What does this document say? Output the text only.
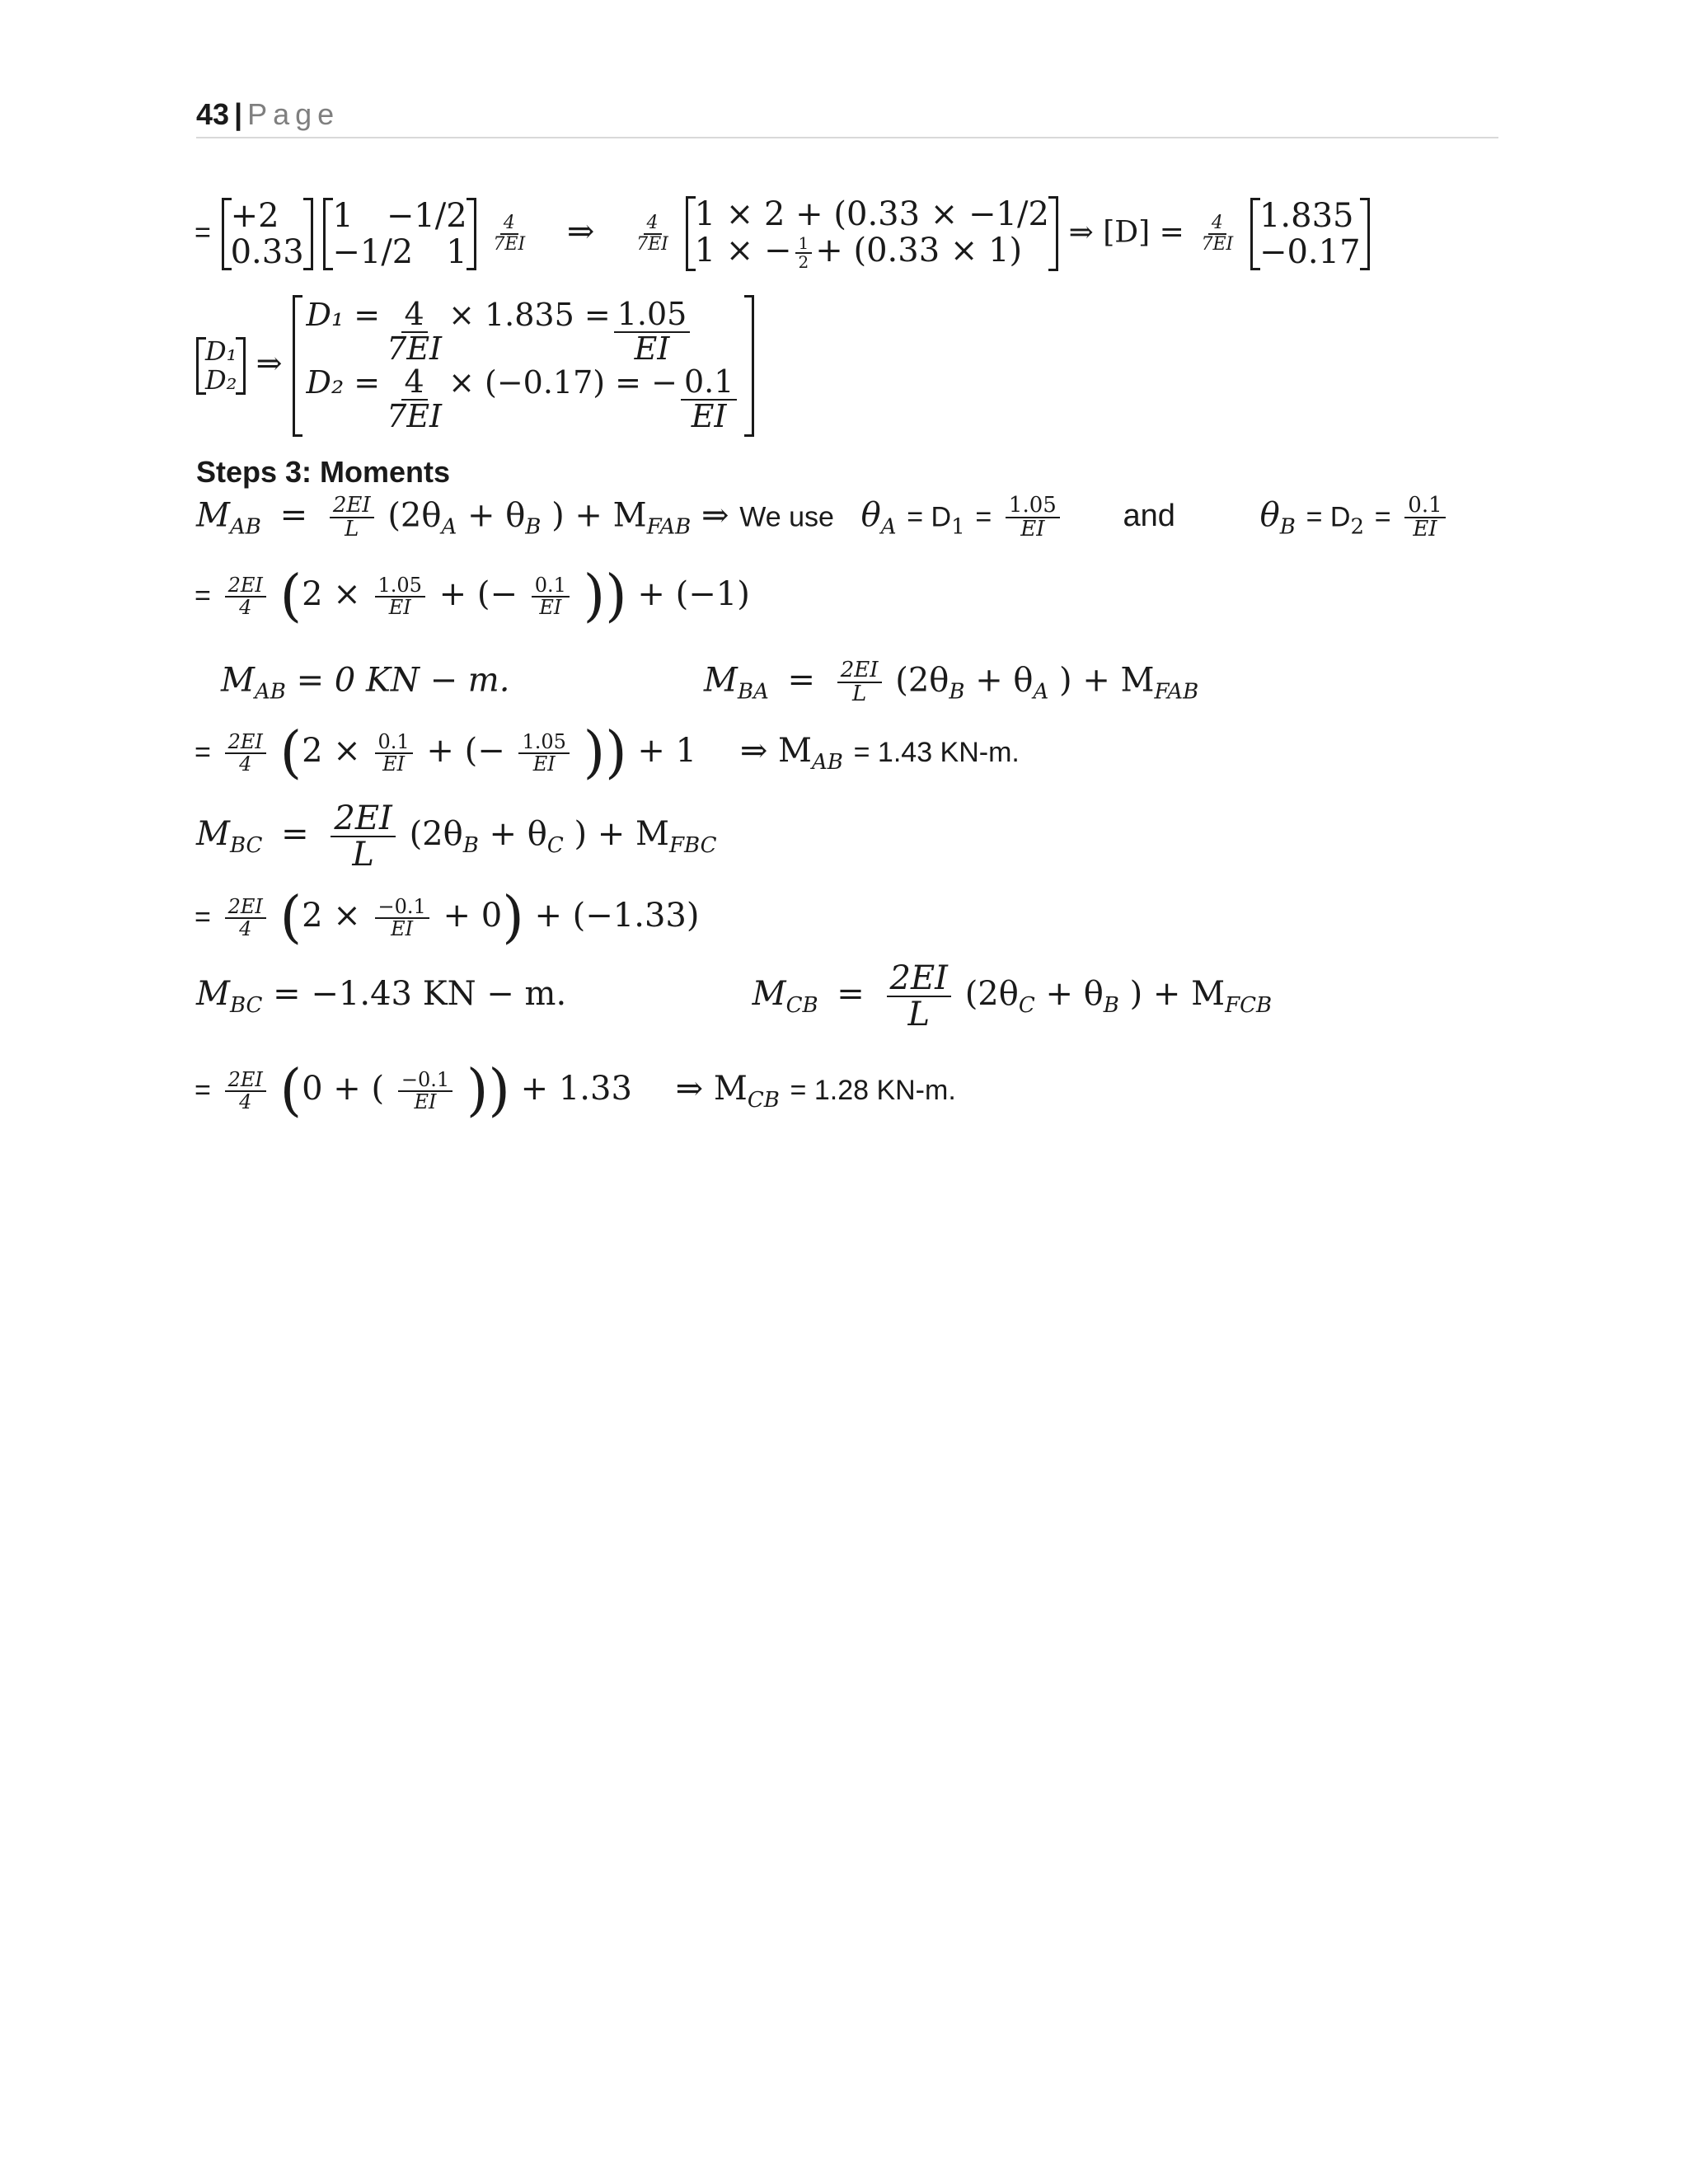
43 | Page
= +2
0.33

1 −1/2
−1/2 1
$\frac{4}{7EI}$ ⇒ $\frac{4}{7EI}$
1 × 2 + (0.33 × −1/2
1 × − $\frac{1}{2} + (0.33 \times 1)$ ⇒ $[D] = \frac{4}{7EI}$
1.835
−0.17
D₁
D₂ ⇒
$D_1 = \frac{4}{7EI} \times 1.835 = \frac{1.05}{EI}$
$D_2 = \frac{4}{7EI} \times (-0.17)$ = − $\frac{0.1}{EI}$
Steps 3: Moments
$M_{AB} = \frac{2EI}{L} (2\theta_A + \theta_B$ ) + $M_{FAB}$ ⇒ We use $\theta_A = D_1 = \frac{1.05}{EI}$ and	$\theta_B = D_2 = \frac{0.1}{EI}$
= $\frac{2EI}{4} (2 \times \frac{1.05}{EI}$ + (− $\frac{0.1}{EI}$ )) + (−1)
$M_{AB} = 0$ KN − m.	$M_{BA} = \frac{2EI}{L} (2\theta_B + \theta_A$ ) + $M_{FAB}$
= $\frac{2EI}{4} (2 \times \frac{0.1}{EI}$ + (− $\frac{1.05}{EI}$ )) + 1 ⇒ $M_{AB} = 1.43$ KN-m.
$M_{BC} = \frac{2EI}{L} (2\theta_B + \theta_C$ ) + $M_{FBC}$
= $\frac{2EI}{4} (2 \times \frac{-0.1}{EI} + 0) + (-1.33)$
$M_{BC} = -1.43$ KN − m.	$M_{CB} = \frac{2EI}{L} (2\theta_C + \theta_B$ ) + $M_{FCB}$
= $\frac{2EI}{4} (0$ + ( $\frac{-0.1}{EI}$ )) + 1.33 ⇒ $M_{CB} = 1.28$ KN-m.
